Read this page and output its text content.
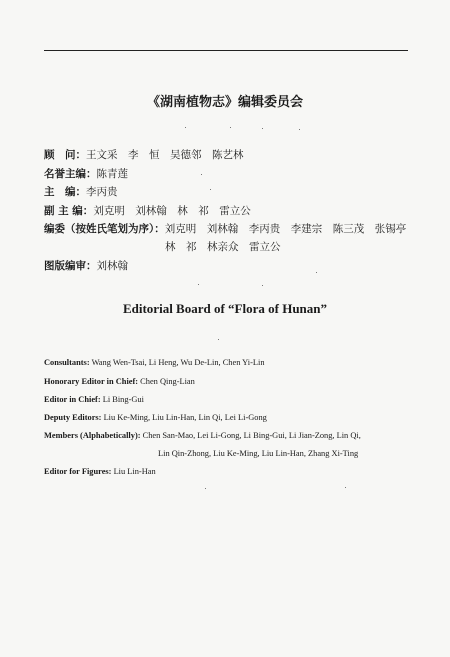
《湖南植物志》编辑委员会
顾　问：王文采　李　恒　吴德邻　陈艺林
名誉主编：陈青莲
主　编：李丙贵
副 主 编：刘克明　刘林翰　林　祁　雷立公
编委（按姓氏笔划为序）：刘克明　刘林翰　李丙贵　李建宗　陈三茂　张锡亭
林　祁　林亲众　雷立公
图版编审：刘林翰
Editorial Board of “Flora of Hunan”
Consultants: Wang Wen-Tsai, Li Heng, Wu De-Lin, Chen Yi-Lin
Honorary Editor in Chief: Chen Qing-Lian
Editor in Chief: Li Bing-Gui
Deputy Editors: Liu Ke-Ming, Liu Lin-Han, Lin Qi, Lei Li-Gong
Members (Alphabetically): Chen San-Mao, Lei Li-Gong, Li Bing-Gui, Li Jian-Zong, Lin Qi,
Lin Qin-Zhong, Liu Ke-Ming, Liu Lin-Han, Zhang Xi-Ting
Editor for Figures: Liu Lin-Han
